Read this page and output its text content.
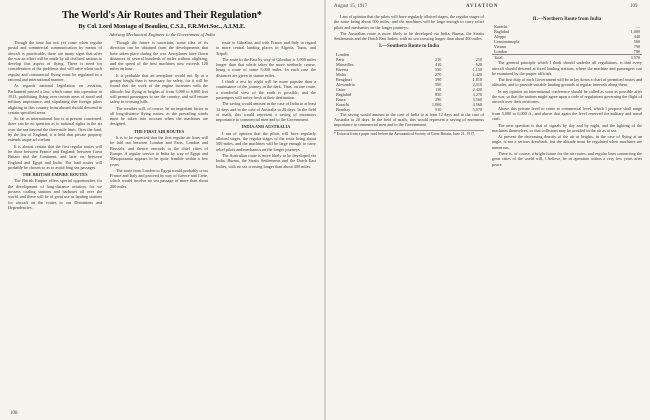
The World's Air Routes and Their Regulation*
By Col. Lord Montagu of Beaulieu, C.S.I., F.R.Met.Soc., A.I.M.E.
Advising Mechanical Engineer to the Government of India

Though the time has not yet come when regular postal and commercial communication by means of aircraft is practicable, there are many signs that after the war an effort will be made by all civilized nations to develop this aspect of flying. There is need for consideration of the problems that will arise when such regular and commercial flying must be regulated in a rational and international manner.

As regards national legislation on aviation, Parliament passed a law, which came into operation in 1913, prohibiting flying over certain areas of naval and military importance, and stipulating that foreign pilots alighting in this country from abroad should descend in certain specified areas.

So far as international law is at present concerned, there can be no question as to national rights in the air over the sea beyond the three-mile limit. Over the land, by the law of England, it is held that private property extends usque ad coelum.

It is almost certain that the first regular routes will be those between France and England, between Great Britain and the Continent, and later on, between England and Egypt and India. The land routes will probably be chosen so as to avoid long sea passages.

THE BRITISH EMPIRE ROUTES

The British Empire offers special opportunities for the development of long-distance aviation, for we possess coaling stations and harbours all over the world, and these will be of great use as landing stations for aircraft on the routes to our Dominions and Dependencies.

Though the future is uncertain, some idea of its direction can be obtained from the developments that have taken place during the war. Aeroplanes have flown distances of several hundreds of miles without alighting, and the speed of the best machines now exceeds 120 miles an hour.

It is probable that an aeroplane would not fly at a greater height than is necessary for safety, for it will be found that the work of the engine increases with the altitude; but flying at heights of from 3,000 to 6,000 feet will permit passengers to see the country, and will ensure safety in crossing hills.

The weather will, of course, be an important factor in all long-distance flying routes, as the prevailing winds must be taken into account when the machines are designed.

THE FIRST AIR ROUTES

It is to be expected that the first regular air lines will be laid out between London and Paris, London and Brussels, and thence onwards to the chief cities of Europe. A regular service to India by way of Egypt and Mesopotamia appears to be quite feasible within a few years.

The route from London to Egypt would probably cross France and Italy and proceed by way of Greece and Crete, which would involve no sea passage of more than about 200 miles.

route to Gibraltar, and with France and Italy in regard to more central landing places in Algeria, Tunis, and Tripoli.

The route to the East by way of Gibraltar is 3,900 miles longer than that which takes the more northerly course, being a route of some 5,000 miles. In each case the distances are given in statute miles.

I think a rest by night will be more popular than a continuance of the journey in the dark. Thus, on one route, a wonderful view of the earth is possible, and the passengers will arrive fresh at their destination.

The saving would amount in the case of India to at least 12 days and in the case of Australia to 20 days. In the field of mails, this would represent a saving of enormous importance to commercial men and to the Government.

INDIA AND AUSTRALIA

I am of opinion that the pilots will have regularly allotted stages, the regular stages of the route being about 500 miles, and the machines will be large enough to carry relief pilots and mechanics on the longer journeys.

The Australian route is more likely to be developed via India, Burma, the Straits Settlements and the Dutch East Indies, with no sea crossing longer than about 400 miles.

108
August 15, 1917	AVIATION	109

I am of opinion that the pilots will have regularly allotted stages, the regular stages of the route being about 500 miles, and the machines will be large enough to carry relief pilots and mechanics on the longer journeys.

The Australian route is more likely to be developed via India, Burma, the Straits Settlements and the Dutch East Indies, with no sea crossing longer than about 400 miles.

I.—Southern Route to India
London		
Paris	210	210
Marseilles	410	620
Bizerta	530	1,150
Malta	270	1,420
Benghazi	390	1,810
Alexandria	500	2,310
Cairo	110	2,420
Baghdad	850	3,270
Basra	290	3,560
Karachi	1,000	4,560
Bombay	510	5,070

The saving would amount in the case of India to at least 12 days and in the case of Australia to 20 days. In the field of mails, this would represent a saving of enormous importance to commercial men and to the Government.

* Extracts from a paper read before the Aeronautical Society of Great Britain, June 21, 1917.
II.—Northern Route from India
Karachi	—
Baghdad	1,000
Aleppo	440
Constantinople	560
Vienna	790
London	780
Total	3,570

The general principle which I think should underlie all regulations, is that every aircraft should descend at fixed landing stations, where the machine and passengers can be examined by the proper officials.

The first duty of each Government will be to lay down a chart of permitted routes and altitudes, and to provide suitable landing grounds at regular intervals along them.

In my opinion an international conference should be called as soon as possible after the war, so that the nations might agree upon a code of regulations governing the flight of aircraft over their territories.

Above this private level to come to commercial level, which I propose shall range from 3,000 to 6,000 ft., and above that again the level reserved for military and naval craft.

The next question is that of signals by day and by night, and the lighting of the machines themselves, so that collisions may be avoided in the air as at sea.

At present the decreasing density of the air at heights, in the case of flying at an angle, is not a serious drawback, but the altitude must be regulated when machines are numerous.

There is, of course, a bright future for the air routes, and regular lines connecting the great cities of the world will, I believe, be in operation within a very few years after peace.
